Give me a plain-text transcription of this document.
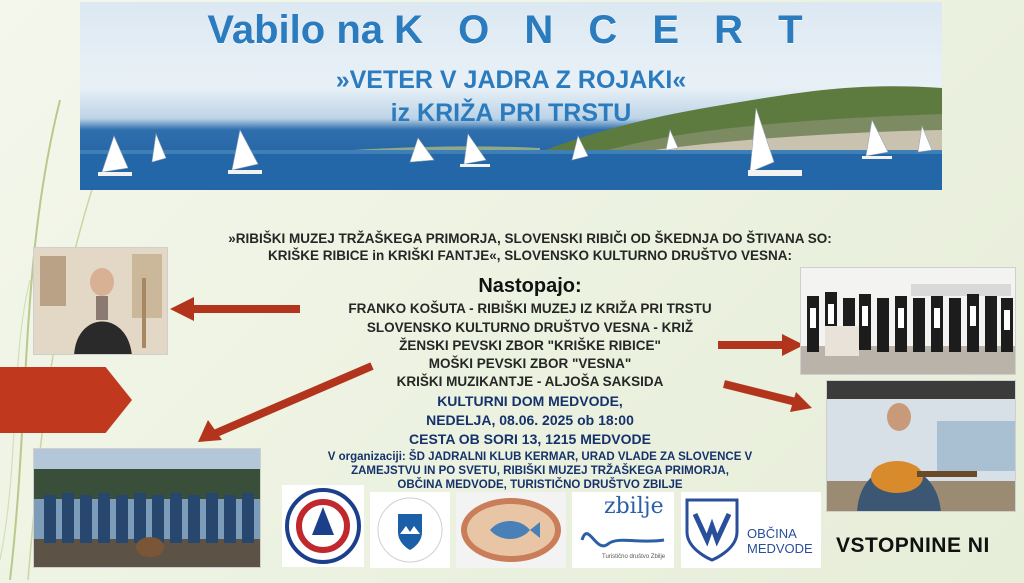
Vabilo na K O N C E R T
»VETER V JADRA Z ROJAKI«
iz KRIŽA PRI TRSTU
»RIBIŠKI MUZEJ TRŽAŠKEGA PRIMORJA, SLOVENSKI RIBIČI OD ŠKEDNJA DO ŠTIVANA SO:
KRIŠKE RIBICE in KRIŠKI FANTJE«, SLOVENSKO KULTURNO DRUŠTVO VESNA:
Nastopajo:
FRANKO KOŠUTA - RIBIŠKI MUZEJ IZ KRIŽA PRI TRSTU
SLOVENSKO KULTURNO DRUŠTVO VESNA - KRIŽ
ŽENSKI PEVSKI ZBOR "KRIŠKE RIBICE"
MOŠKI PEVSKI ZBOR "VESNA"
KRIŠKI MUZIKANTJE - ALJOŠA SAKSIDA
KULTURNI DOM MEDVODE,
NEDELJA, 08.06. 2025 ob 18:00
CESTA OB SORI 13, 1215 MEDVODE
V organizaciji: ŠD JADRALNI KLUB KERMAR, URAD VLADE ZA SLOVENCE V
ZAMEJSTVU IN PO SVETU, RIBIŠKI MUZEJ TRŽAŠKEGA PRIMORJA,
OBČINA MEDVODE, TURISTIČNO DRUŠTVO ZBILJE
zbilje
Turistično društvo Zbilje
OBČINA
MEDVODE VSTOPNINE NI
